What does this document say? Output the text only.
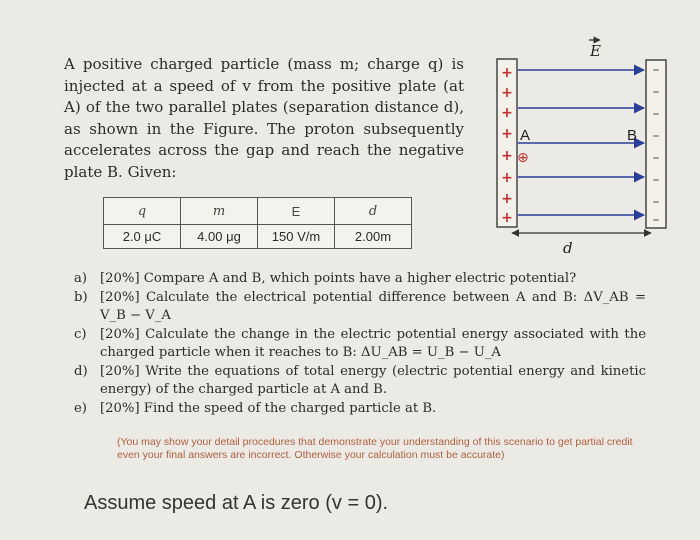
A positive charged particle (mass m; charge q) is injected at a speed of v from the positive plate (at A) of the two parallel plates (separation distance d), as shown in the Figure. The proton subsequently accelerates across the gap and reach the negative plate B. Given:
q	m	E	d
2.0 μC	4.00 μg	150 V/m	2.00m
+
+
+
+
+
+
+
+
–
–
–
–
–
–
–
–
E
A
⊕
B
d
a) [20%] Compare A and B, which points have a higher electric potential?
b) [20%] Calculate the electrical potential difference between A and B: ΔV_AB = V_B − V_A
c)	[20%] Calculate the change in the electric potential energy associated with the charged particle when it reaches to B: ΔU_AB = U_B − U_A
d) [20%] Write the equations of total energy (electric potential energy and kinetic energy) of the charged particle at A and B.
e) [20%] Find the speed of the charged particle at B.
(You may show your detail procedures that demonstrate your understanding of this scenario to get partial credit even your final answers are incorrect. Otherwise your calculation must be accurate)
Assume speed at A is zero (v = 0).
